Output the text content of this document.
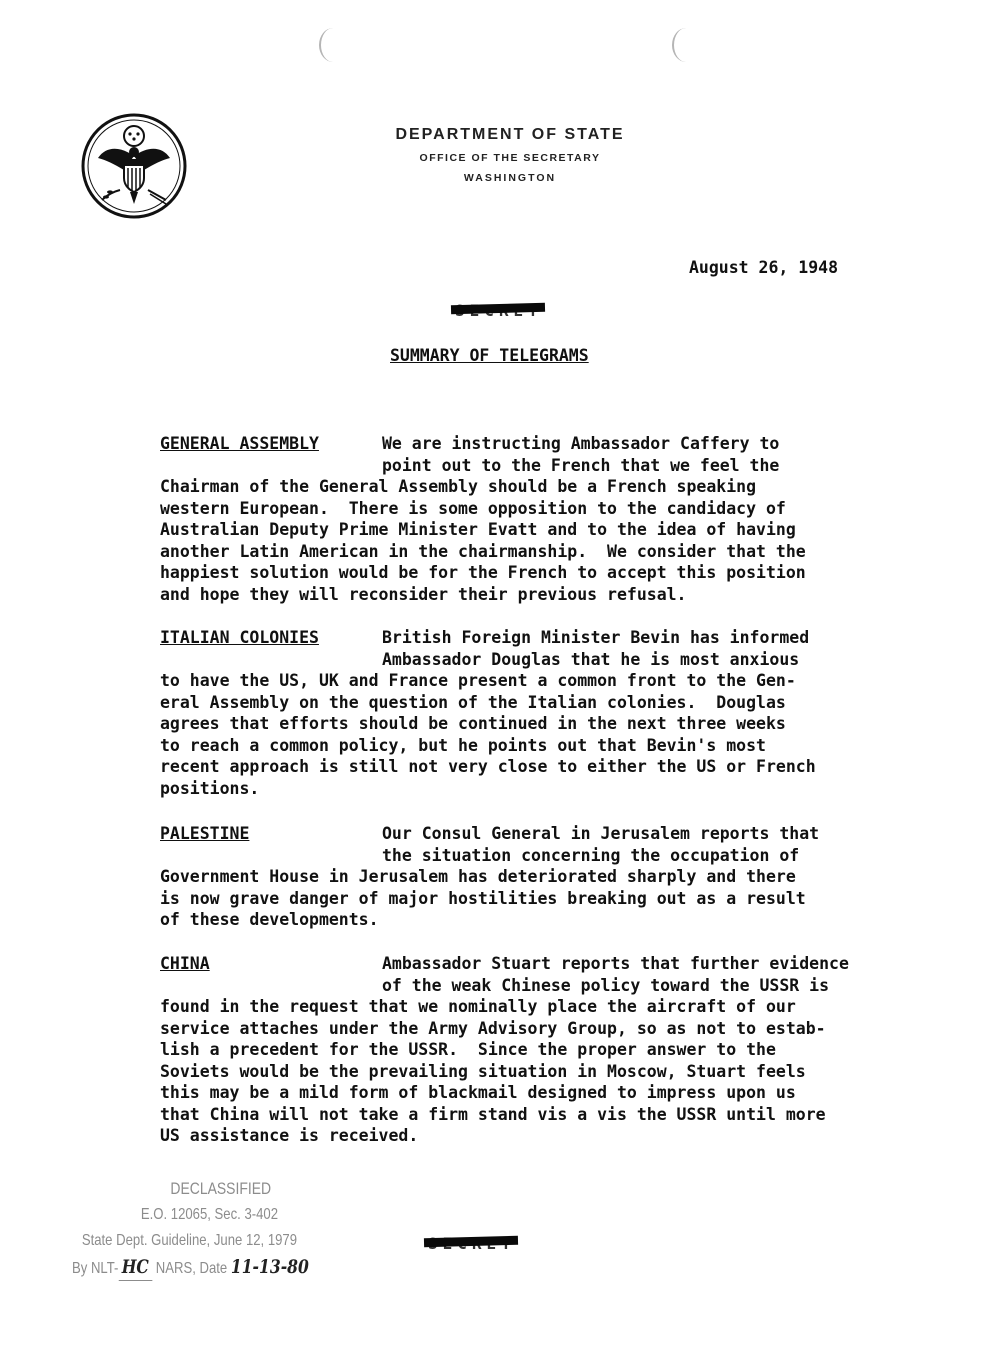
DEPARTMENT OF STATE
OFFICE OF THE SECRETARY
WASHINGTON
August 26, 1948
SUMMARY OF TELEGRAMS
GENERAL ASSEMBLY	We are instructing Ambassador Caffery to
point out to the French that we feel the
Chairman of the General Assembly should be a French speaking
western European.  There is some opposition to the candidacy of
Australian Deputy Prime Minister Evatt and to the idea of having
another Latin American in the chairmanship.  We consider that the
happiest solution would be for the French to accept this position
and hope they will reconsider their previous refusal.
ITALIAN COLONIES	British Foreign Minister Bevin has informed
Ambassador Douglas that he is most anxious
to have the US, UK and France present a common front to the Gen-
eral Assembly on the question of the Italian colonies.  Douglas
agrees that efforts should be continued in the next three weeks
to reach a common policy, but he points out that Bevin's most
recent approach is still not very close to either the US or French
positions.
PALESTINE	Our Consul General in Jerusalem reports that
the situation concerning the occupation of
Government House in Jerusalem has deteriorated sharply and there
is now grave danger of major hostilities breaking out as a result
of these developments.
CHINA	Ambassador Stuart reports that further evidence
of the weak Chinese policy toward the USSR is
found in the request that we nominally place the aircraft of our
service attaches under the Army Advisory Group, so as not to estab-
lish a precedent for the USSR.  Since the proper answer to the
Soviets would be the prevailing situation in Moscow, Stuart feels
this may be a mild form of blackmail designed to impress upon us
that China will not take a firm stand vis a vis the USSR until more
US assistance is received.
DECLASSIFIED
E.O. 12065, Sec. 3-402
State Dept. Guideline, June 12, 1979
By NLT- HC NARS, Date 11-13-80
